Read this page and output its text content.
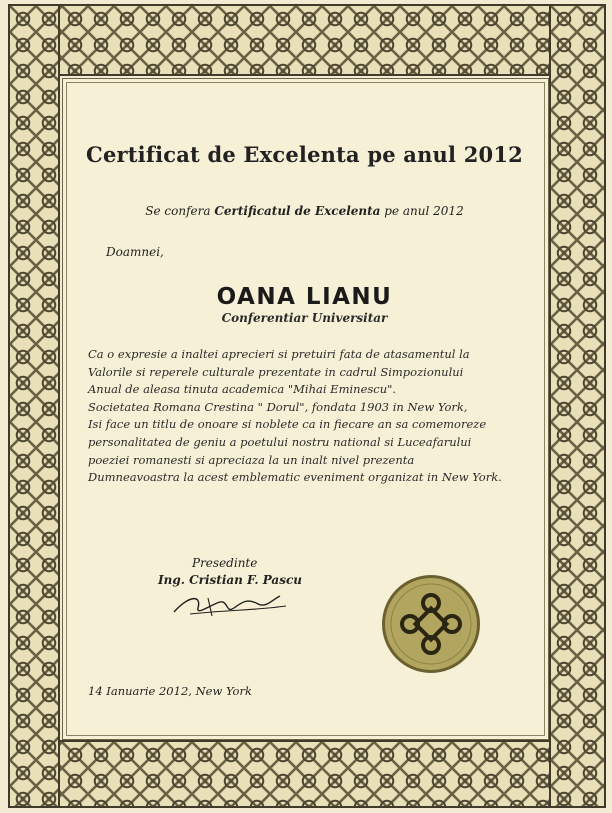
Certificat de Excelenta pe anul 2012
Se confera Certificatul de Excelenta pe anul 2012
Doamnei,
OANA LIANU
Conferentiar Universitar
Ca o expresie a inaltei aprecieri si pretuiri fata de atasamentul la
Valorile si reperele culturale prezentate in cadrul Simpozionului
Anual de aleasa tinuta academica "Mihai Eminescu".
Societatea Romana Crestina " Dorul", fondata 1903 in New York,
Isi face un titlu de onoare si noblete ca in fiecare an sa comemoreze
personalitatea de geniu a poetului nostru national si Luceafarului
poeziei romanesti si apreciaza la un inalt nivel prezenta
Dumneavoastra la acest emblematic eveniment organizat in New York.
Presedinte
Ing. Cristian F. Pascu
14 Ianuarie 2012, New York
